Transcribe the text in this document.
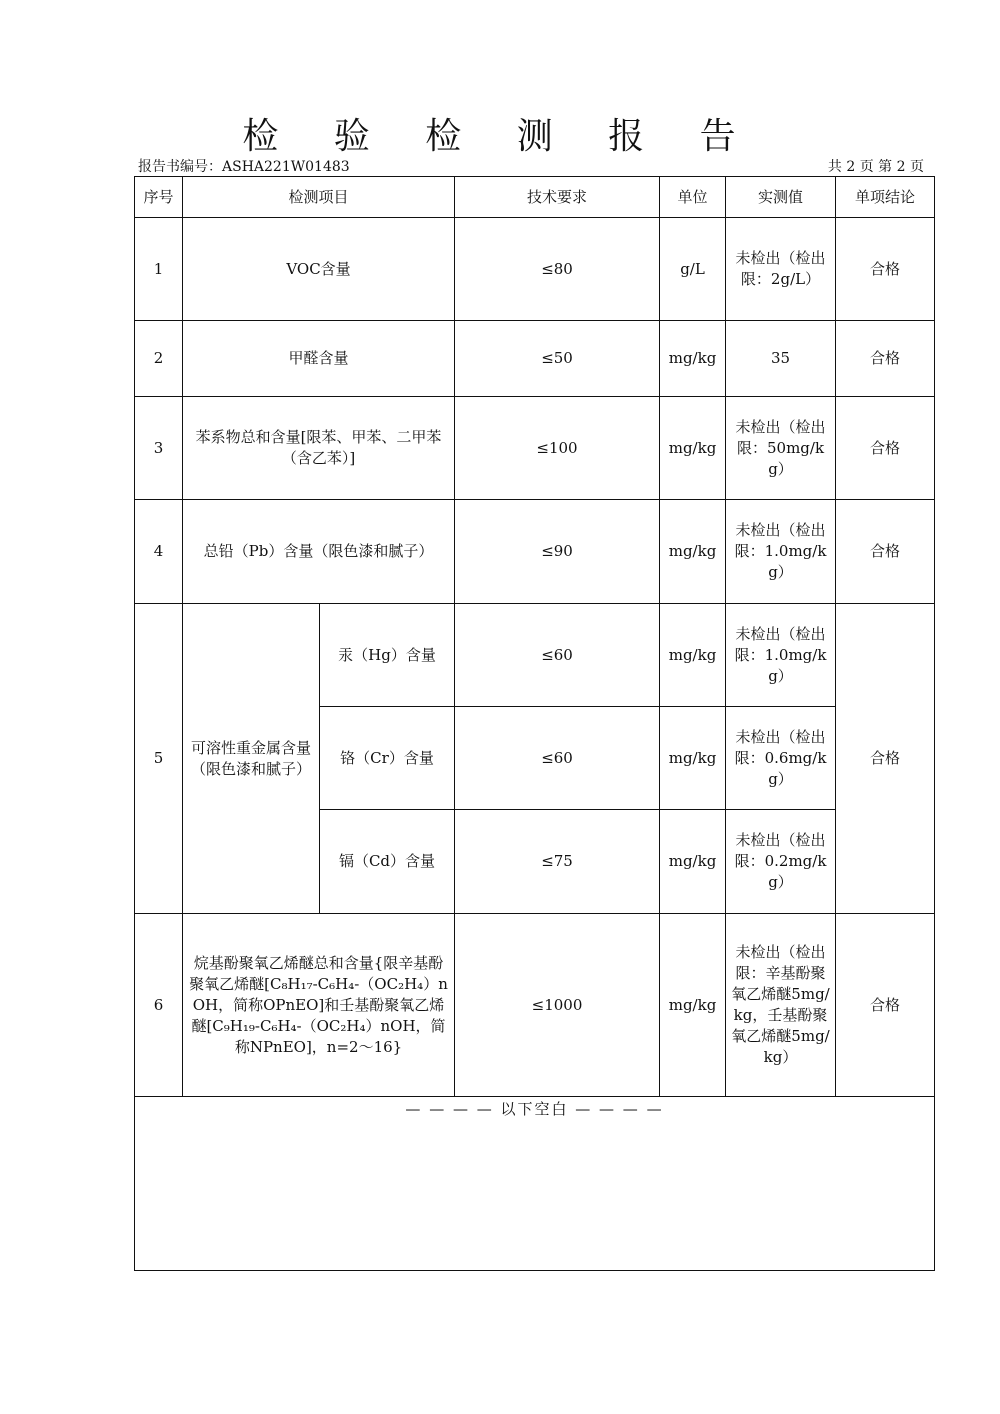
检 验 检 测 报 告
报告书编号：ASHA221W01483	共 2 页 第 2 页
序号	检测项目		技术要求	单位	实测值	单项结论
1	VOC含量		≤80	g/L	未检出（检出限：2g/L）	合格
2	甲醛含量		≤50	mg/kg	35	合格
3	苯系物总和含量[限苯、甲苯、二甲苯（含乙苯）]		≤100	mg/kg	未检出（检出限：50mg/kg）	合格
4	总铅（Pb）含量（限色漆和腻子）		≤90	mg/kg	未检出（检出限：1.0mg/kg）	合格
5	可溶性重金属含量（限色漆和腻子）	汞（Hg）含量	≤60	mg/kg	未检出（检出限：1.0mg/kg）	合格
		铬（Cr）含量	≤60	mg/kg	未检出（检出限：0.6mg/kg）	
		镉（Cd）含量	≤75	mg/kg	未检出（检出限：0.2mg/kg）	
6	烷基酚聚氧乙烯醚总和含量{限辛基酚聚氧乙烯醚[C₈H₁₇-C₆H₄-（OC₂H₄）nOH，简称OPnEO]和壬基酚聚氧乙烯醚[C₉H₁₉-C₆H₄-（OC₂H₄）nOH，简称NPnEO]，n=2～16}		≤1000	mg/kg	未检出（检出限：辛基酚聚氧乙烯醚5mg/kg，壬基酚聚氧乙烯醚5mg/kg）	合格

— — — — 以下空白 — — — —						
